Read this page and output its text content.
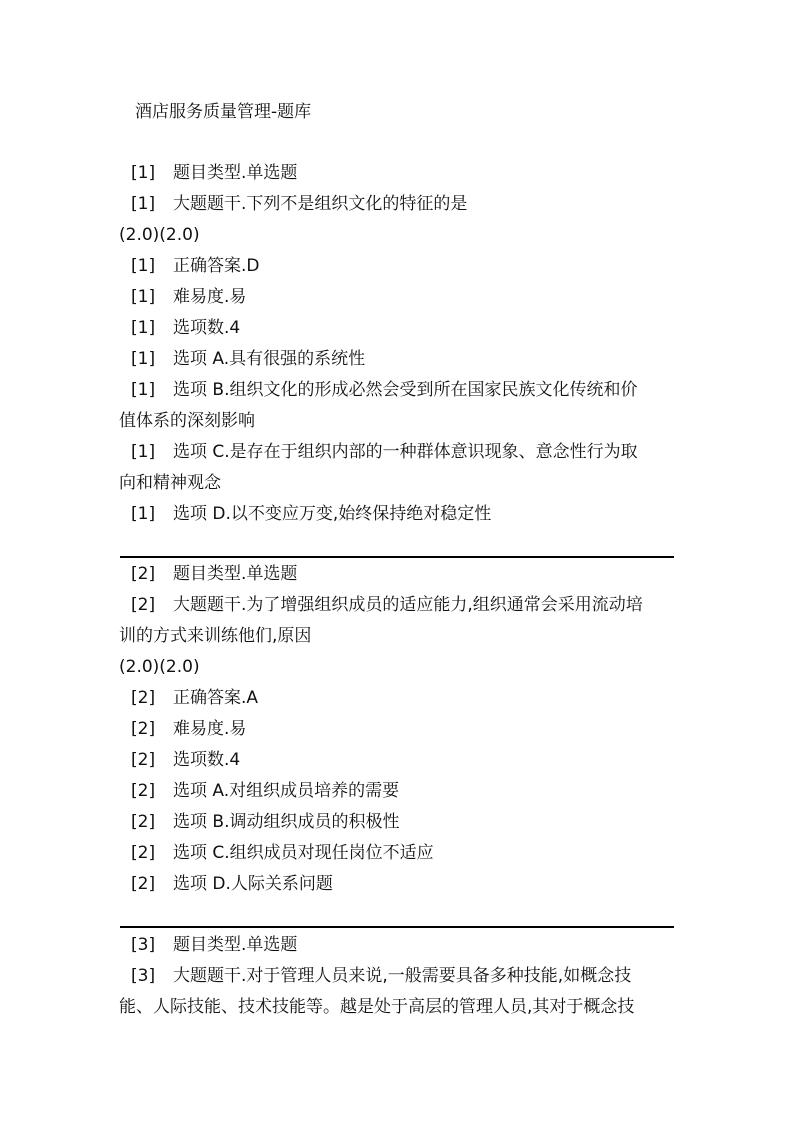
酒店服务质量管理-题库
[1] 题目类型.单选题
[1] 大题题干.下列不是组织文化的特征的是
(2.0)(2.0)
[1] 正确答案.D
[1] 难易度.易
[1] 选项数.4
[1] 选项 A.具有很强的系统性
[1] 选项 B.组织文化的形成必然会受到所在国家民族文化传统和价
值体系的深刻影响
[1] 选项 C.是存在于组织内部的一种群体意识现象、意念性行为取
向和精神观念
[1] 选项 D.以不变应万变,始终保持绝对稳定性
[2] 题目类型.单选题
[2] 大题题干.为了增强组织成员的适应能力,组织通常会采用流动培
训的方式来训练他们,原因
(2.0)(2.0)
[2] 正确答案.A
[2] 难易度.易
[2] 选项数.4
[2] 选项 A.对组织成员培养的需要
[2] 选项 B.调动组织成员的积极性
[2] 选项 C.组织成员对现任岗位不适应
[2] 选项 D.人际关系问题
[3] 题目类型.单选题
[3] 大题题干.对于管理人员来说,一般需要具备多种技能,如概念技
能、人际技能、技术技能等。越是处于高层的管理人员,其对于概念技
